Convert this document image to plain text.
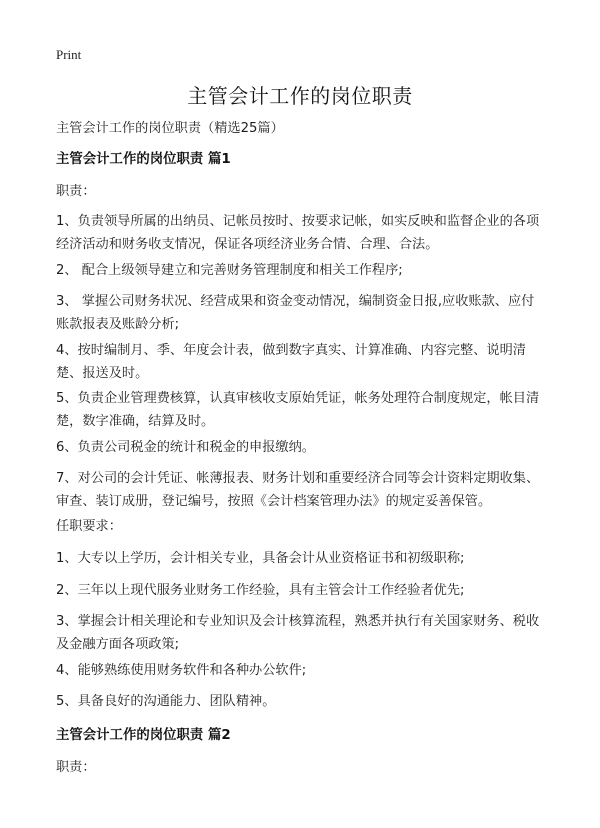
Print
主管会计工作的岗位职责
主管会计工作的岗位职责（精选25篇）
主管会计工作的岗位职责 篇1
职责：
1、负责领导所属的出纳员、记帐员按时、按要求记帐，如实反映和监督企业的各项经济活动和财务收支情况，保证各项经济业务合情、合理、合法。
2、 配合上级领导建立和完善财务管理制度和相关工作程序;
3、 掌握公司财务状况、经营成果和资金变动情况，编制资金日报,应收账款、应付账款报表及账龄分析;
4、按时编制月、季、年度会计表，做到数字真实、计算准确、内容完整、说明清楚、报送及时。
5、负责企业管理费核算，认真审核收支原始凭证，帐务处理符合制度规定，帐目清楚，数字准确，结算及时。
6、负责公司税金的统计和税金的申报缴纳。
7、对公司的会计凭证、帐薄报表、财务计划和重要经济合同等会计资料定期收集、审查、装订成册，登记编号，按照《会计档案管理办法》的规定妥善保管。
任职要求：
1、大专以上学历，会计相关专业，具备会计从业资格证书和初级职称;
2、三年以上现代服务业财务工作经验，具有主管会计工作经验者优先;
3、掌握会计相关理论和专业知识及会计核算流程，熟悉并执行有关国家财务、税收及金融方面各项政策;
4、能够熟练使用财务软件和各种办公软件;
5、具备良好的沟通能力、团队精神。
主管会计工作的岗位职责 篇2
职责：
